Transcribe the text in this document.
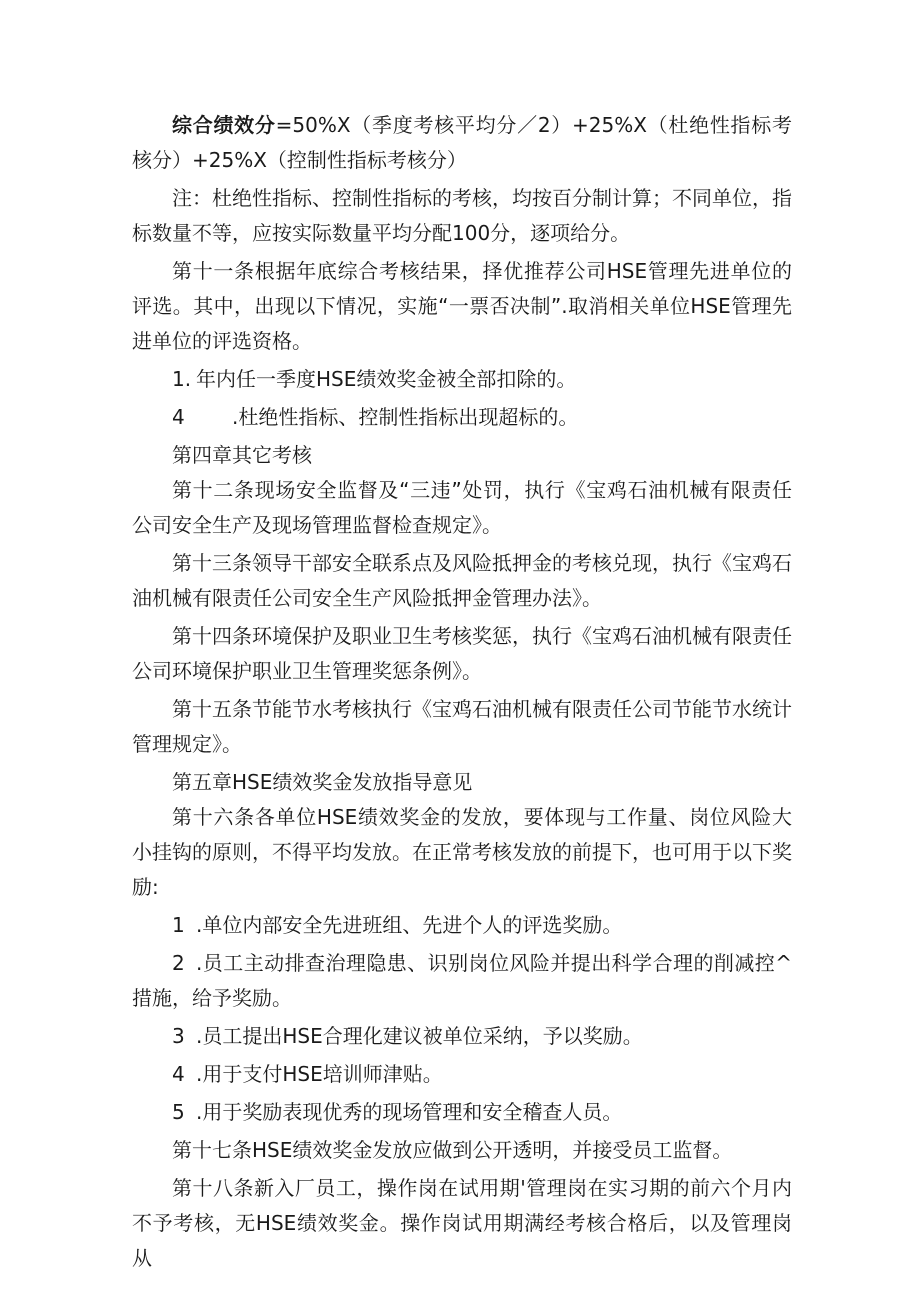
综合绩效分=50%X（季度考核平均分／2）+25%X（杜绝性指标考核分）+25%X（控制性指标考核分）

注：杜绝性指标、控制性指标的考核，均按百分制计算；不同单位，指标数量不等，应按实际数量平均分配100分，逐项给分。

第十一条根据年底综合考核结果，择优推荐公司HSE管理先进单位的评选。其中，出现以下情况，实施“一票否决制”.取消相关单位HSE管理先进单位的评选资格。

1. 年内任一季度HSE绩效奖金被全部扣除的。

4 .杜绝性指标、控制性指标出现超标的。

第四章其它考核

第十二条现场安全监督及“三违”处罚，执行《宝鸡石油机械有限责任公司安全生产及现场管理监督检查规定》。

第十三条领导干部安全联系点及风险抵押金的考核兑现，执行《宝鸡石油机械有限责任公司安全生产风险抵押金管理办法》。

第十四条环境保护及职业卫生考核奖惩，执行《宝鸡石油机械有限责任公司环境保护职业卫生管理奖惩条例》。

第十五条节能节水考核执行《宝鸡石油机械有限责任公司节能节水统计管理规定》。

第五章HSE绩效奖金发放指导意见

第十六条各单位HSE绩效奖金的发放，要体现与工作量、岗位风险大小挂钩的原则，不得平均发放。在正常考核发放的前提下，也可用于以下奖励:

1 .单位内部安全先进班组、先进个人的评选奖励。

2 .员工主动排查治理隐患、识别岗位风险并提出科学合理的削减控^措施，给予奖励。

3 .员工提出HSE合理化建议被单位采纳，予以奖励。

4 .用于支付HSE培训师津贴。

5 .用于奖励表现优秀的现场管理和安全稽查人员。

第十七条HSE绩效奖金发放应做到公开透明，并接受员工监督。

第十八条新入厂员工，操作岗在试用期'管理岗在实习期的前六个月内不予考核，无HSE绩效奖金。操作岗试用期满经考核合格后，以及管理岗从
